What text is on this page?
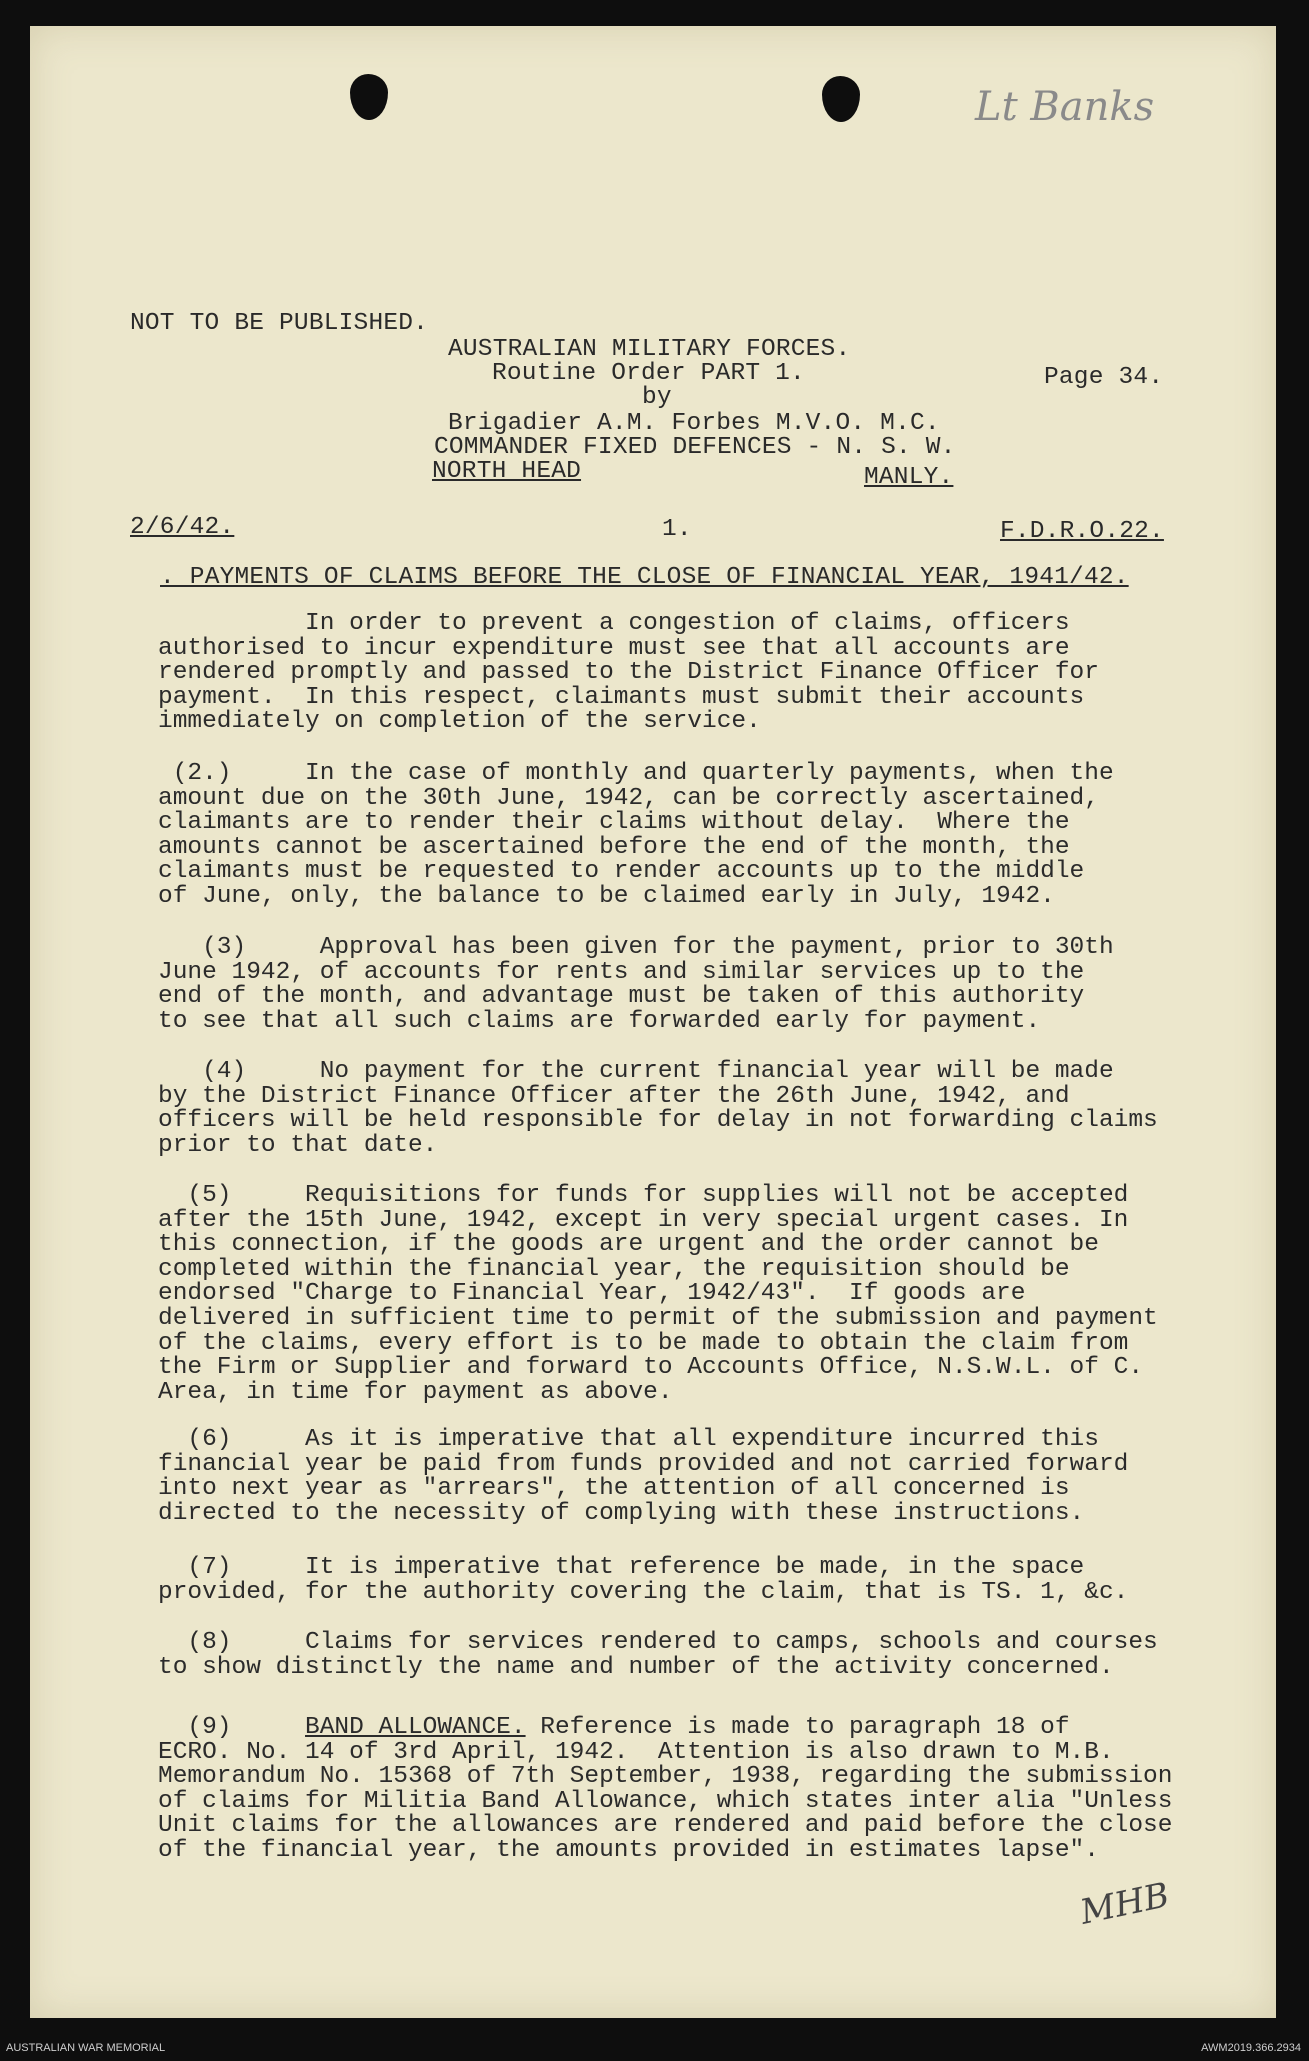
Lt Banks
NOT TO BE PUBLISHED.
AUSTRALIAN MILITARY FORCES.
Routine Order PART 1.	Page 34.
by
Brigadier A.M. Forbes M.V.O. M.C.
COMMANDER FIXED DEFENCES - N. S. W.
NORTH HEAD	MANLY.
2/6/42.	1.	F.D.R.O.22.
. PAYMENTS OF CLAIMS BEFORE THE CLOSE OF FINANCIAL YEAR, 1941/42.
In order to prevent a congestion of claims, officers
authorised to incur expenditure must see that all accounts are
rendered promptly and passed to the District Finance Officer for
payment.  In this respect, claimants must submit their accounts
immediately on completion of the service.
(2.)     In the case of monthly and quarterly payments, when the
amount due on the 30th June, 1942, can be correctly ascertained,
claimants are to render their claims without delay.  Where the
amounts cannot be ascertained before the end of the month, the
claimants must be requested to render accounts up to the middle
of June, only, the balance to be claimed early in July, 1942.
(3)     Approval has been given for the payment, prior to 30th
June 1942, of accounts for rents and similar services up to the
end of the month, and advantage must be taken of this authority
to see that all such claims are forwarded early for payment.
(4)     No payment for the current financial year will be made
by the District Finance Officer after the 26th June, 1942, and
officers will be held responsible for delay in not forwarding claims
prior to that date.
(5)     Requisitions for funds for supplies will not be accepted
after the 15th June, 1942, except in very special urgent cases. In
this connection, if the goods are urgent and the order cannot be
completed within the financial year, the requisition should be
endorsed "Charge to Financial Year, 1942/43".  If goods are
delivered in sufficient time to permit of the submission and payment
of the claims, every effort is to be made to obtain the claim from
the Firm or Supplier and forward to Accounts Office, N.S.W.L. of C.
Area, in time for payment as above.
(6)     As it is imperative that all expenditure incurred this
financial year be paid from funds provided and not carried forward
into next year as "arrears", the attention of all concerned is
directed to the necessity of complying with these instructions.
(7)     It is imperative that reference be made, in the space
provided, for the authority covering the claim, that is TS. 1, &c.
(8)     Claims for services rendered to camps, schools and courses
to show distinctly the name and number of the activity concerned.
(9)     BAND ALLOWANCE. Reference is made to paragraph 18 of
ECRO. No. 14 of 3rd April, 1942.  Attention is also drawn to M.B.
Memorandum No. 15368 of 7th September, 1938, regarding the submission
of claims for Militia Band Allowance, which states inter alia "Unless
Unit claims for the allowances are rendered and paid before the close
of the financial year, the amounts provided in estimates lapse".
MHB
AUSTRALIAN WAR MEMORIAL	AWM2019.366.2934
